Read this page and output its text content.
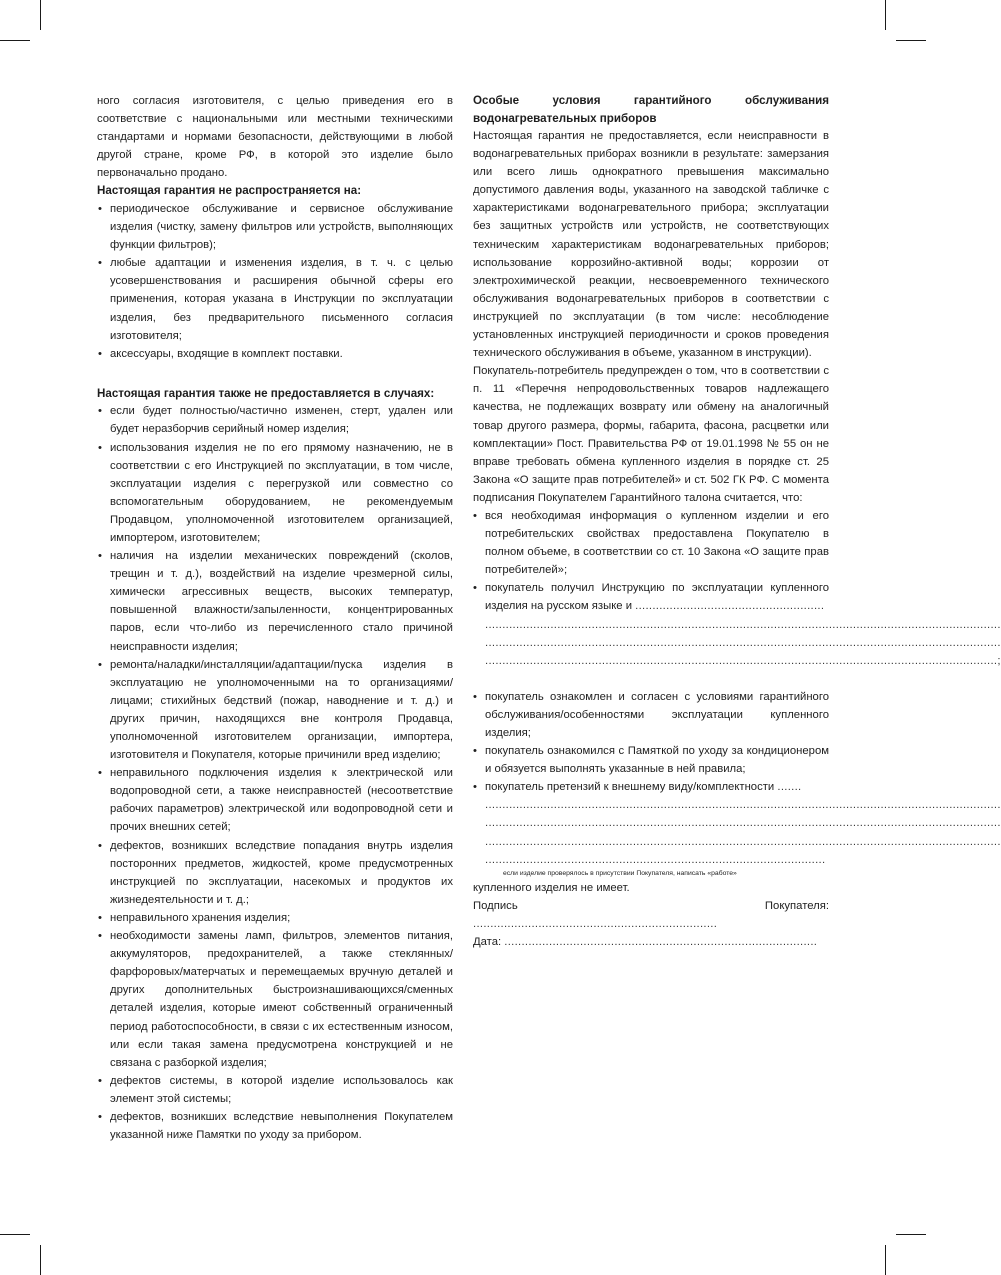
ного согласия изготовителя, с целью приведения его в соответствие с национальными или местными техническими стандартами и нормами безопасности, действующими в любой другой стране, кроме РФ, в которой это изделие было первоначально продано.

Настоящая гарантия не распространяется на:
• периодическое обслуживание и сервисное обслуживание изделия (чистку, замену фильтров или устройств, выполняющих функции фильтров);
• любые адаптации и изменения изделия, в т. ч. с целью усовершенствования и расширения обычной сферы его применения, которая указана в Инструкции по эксплуатации изделия, без предварительного письменного согласия изготовителя;
• аксессуары, входящие в комплект поставки.
Настоящая гарантия также не предоставляется в случаях:
• если будет полностью/частично изменен, стерт, удален или будет неразборчив серийный номер изделия;
• использования изделия не по его прямому назначению, не в соответствии с его Инструкцией по эксплуатации, в том числе, эксплуатации изделия с перегрузкой или совместно со вспомогательным оборудованием, не рекомендуемым Продавцом, уполномоченной изготовителем организацией, импортером, изготовителем;
• наличия на изделии механических повреждений (сколов, трещин и т. д.), воздействий на изделие чрезмерной силы, химически агрессивных веществ, высоких температур, повышенной влажности/запыленности, концентрированных паров, если что-либо из перечисленного стало причиной неисправности изделия;
• ремонта/наладки/инсталляции/адаптации/пуска изделия в эксплуатацию не уполномоченными на то организациями/лицами; стихийных бедствий (пожар, наводнение и т. д.) и других причин, находящихся вне контроля Продавца, уполномоченной изготовителем организации, импортера, изготовителя и Покупателя, которые причинили вред изделию;
• неправильного подключения изделия к электрической или водопроводной сети, а также неисправностей (несоответствие рабочих параметров) электрической или водопроводной сети и прочих внешних сетей;
• дефектов, возникших вследствие попадания внутрь изделия посторонних предметов, жидкостей, кроме предусмотренных инструкцией по эксплуатации, насекомых и продуктов их жизнедеятельности и т. д.;
• неправильного хранения изделия;
• необходимости замены ламп, фильтров, элементов питания, аккумуляторов, предохранителей, а также стеклянных/фарфоровых/матерчатых и перемещаемых вручную деталей и других дополнительных быстроизнашивающихся/сменных деталей изделия, которые имеют собственный ограниченный период работоспособности, в связи с их естественным износом, или если такая замена предусмотрена конструкцией и не связана с разборкой изделия;
• дефектов системы, в которой изделие использовалось как элемент этой системы;
• дефектов, возникших вследствие невыполнения Покупателем указанной ниже Памятки по уходу за прибором.
Особые условия гарантийного обслуживания водонагревательных приборов

Настоящая гарантия не предоставляется, если неисправности в водонагревательных приборах возникли в результате: замерзания или всего лишь однократного превышения максимально допустимого давления воды, указанного на заводской табличке с характеристиками водонагревательного прибора; эксплуатации без защитных устройств или устройств, не соответствующих техническим характеристикам водонагревательных приборов; использование коррозийно-активной воды; коррозии от электрохимической реакции, несвоевременного технического обслуживания водонагревательных приборов в соответствии с инструкцией по эксплуатации (в том числе: несоблюдение установленных инструкцией периодичности и сроков проведения технического обслуживания в объеме, указанном в инструкции).

Покупатель-потребитель предупрежден о том, что в соответствии с п. 11 «Перечня непродовольственных товаров надлежащего качества, не подлежащих возврату или обмену на аналогичный товар другого размера, формы, габарита, фасона, расцветки или комплектации» Пост. Правительства РФ от 19.01.1998 № 55 он не вправе требовать обмена купленного изделия в порядке ст. 25 Закона «О защите прав потребителей» и ст. 502 ГК РФ. С момента подписания Покупателем Гарантийного талона считается, что:

• вся необходимая информация о купленном изделии и его потребительских свойствах предоставлена Покупателю в полном объеме, в соответствии со ст. 10 Закона «О защите прав потребителей»;
• покупатель получил Инструкцию по эксплуатации купленного изделия на русском языке и .......................................................
......................................................................................................................................................
......................................................................................................................................................
.....................................................................................................................................................;
• покупатель ознакомлен и согласен с условиями гарантийного обслуживания/особенностями эксплуатации купленного изделия;
• покупатель ознакомился с Памяткой по уходу за кондиционером и обязуется выполнять указанные в ней правила;
• покупатель претензий к внешнему виду/комплектности .......
......................................................................................................................................................
......................................................................................................................................................
......................................................................................................................................................
...................................................................................................

если изделие проверялось в присутствии Покупателя, написать «работе»

купленного изделия не имеет.

Подпись Покупателя: .......................................................................

Дата: ...........................................................................................
